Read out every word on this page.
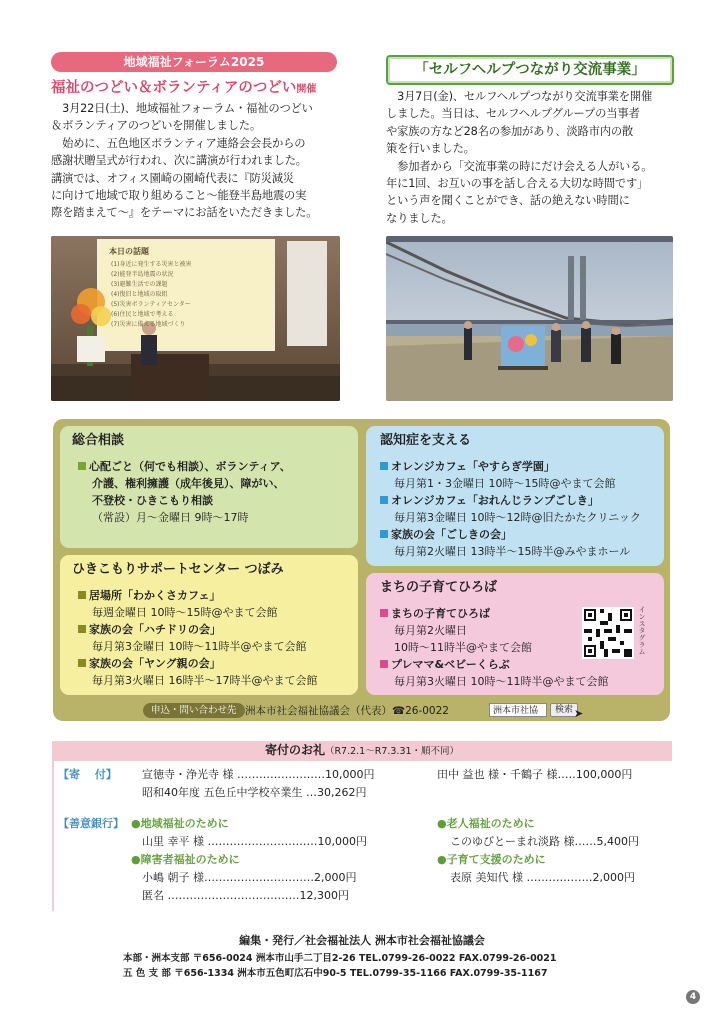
地域福祉フォーラム2025
福祉のつどい＆ボランティアのつどい開催
　3月22日(土)、地域福祉フォーラム・福祉のつどい
＆ボランティアのつどいを開催しました。
　始めに、五色地区ボランティア連絡会会長からの
感謝状贈呈式が行われ、次に講演が行われました。
講演では、オフィス園崎の園崎代表に『防災減災
に向けて地域で取り組めること～能登半島地震の実
際を踏まえて～』をテーマにお話をいただきました。
本日の話題
(1)身近に発生する災害と被害
(2)能登半島地震の状況
(3)避難生活での課題
(4)復旧と地域の取組
(5)災害ボランティアセンター
(6)住民と地域で考える
(7)災害に備える地域づくり
「セルフヘルプつながり交流事業」
　3月7日(金)、セルフヘルプつながり交流事業を開催
しました。当日は、セルフヘルプグループの当事者
や家族の方など28名の参加があり、淡路市内の散
策を行いました。
　参加者から「交流事業の時にだけ会える人がいる。
年に1回、お互いの事を話し合える大切な時間です」
という声を聞くことができ、話の絶えない時間に
なりました。
総合相談
心配ごと（何でも相談）、ボランティア、
介護、権利擁護（成年後見）、障がい、
不登校・ひきこもり相談
（常設）月～金曜日 9時～17時
ひきこもりサポートセンター つぼみ
居場所「わかくさカフェ」
毎週金曜日 10時～15時@やまて会館
家族の会「ハチドリの会」
毎月第3金曜日 10時～11時半@やまて会館
家族の会「ヤング親の会」
毎月第3火曜日 16時半～17時半@やまて会館
認知症を支える
オレンジカフェ「やすらぎ学園」
毎月第1・3金曜日 10時～15時@やまて会館
オレンジカフェ「おれんじランプごしき」
毎月第3金曜日 10時～12時@旧たかたクリニック
家族の会「ごしきの会」
毎月第2火曜日 13時半～15時半@みやまホール
まちの子育てひろば
まちの子育てひろば
毎月第2火曜日
10時～11時半@やまて会館
プレママ&ベビーくらぶ
毎月第3火曜日 10時～11時半@やまて会館
インスタグラム
申込・問い合わせ先 洲本市社会福祉協議会（代表）☎26-0022	洲本市社協	検索 ➤
寄付のお礼（R7.2.1～R7.3.31・順不同）
【寄　 付】 宣徳寺・浄光寺 様 ……………………10,000円
昭和40年度 五色丘中学校卒業生 …30,262円
田中 益也 様・千鶴子 様…‥100,000円
【善意銀行】 ●地域福祉のために
山里 幸平 様 …………………………10,000円
●障害者福祉のために
小嶋 朝子 様…………………………2,000円
匿名 ………………………………12,300円
●老人福祉のために
このゆびとーまれ淡路 様……5,400円
●子育て支援のために
表原 美知代 様 ………………2,000円
編集・発行／社会福祉法人 洲本市社会福祉協議会
本部・洲本支部 〒656-0024 洲本市山手二丁目2-26 TEL.0799-26-0022 FAX.0799-26-0021
五 色 支 部 〒656-1334 洲本市五色町広石中90-5 TEL.0799-35-1166 FAX.0799-35-1167
4
